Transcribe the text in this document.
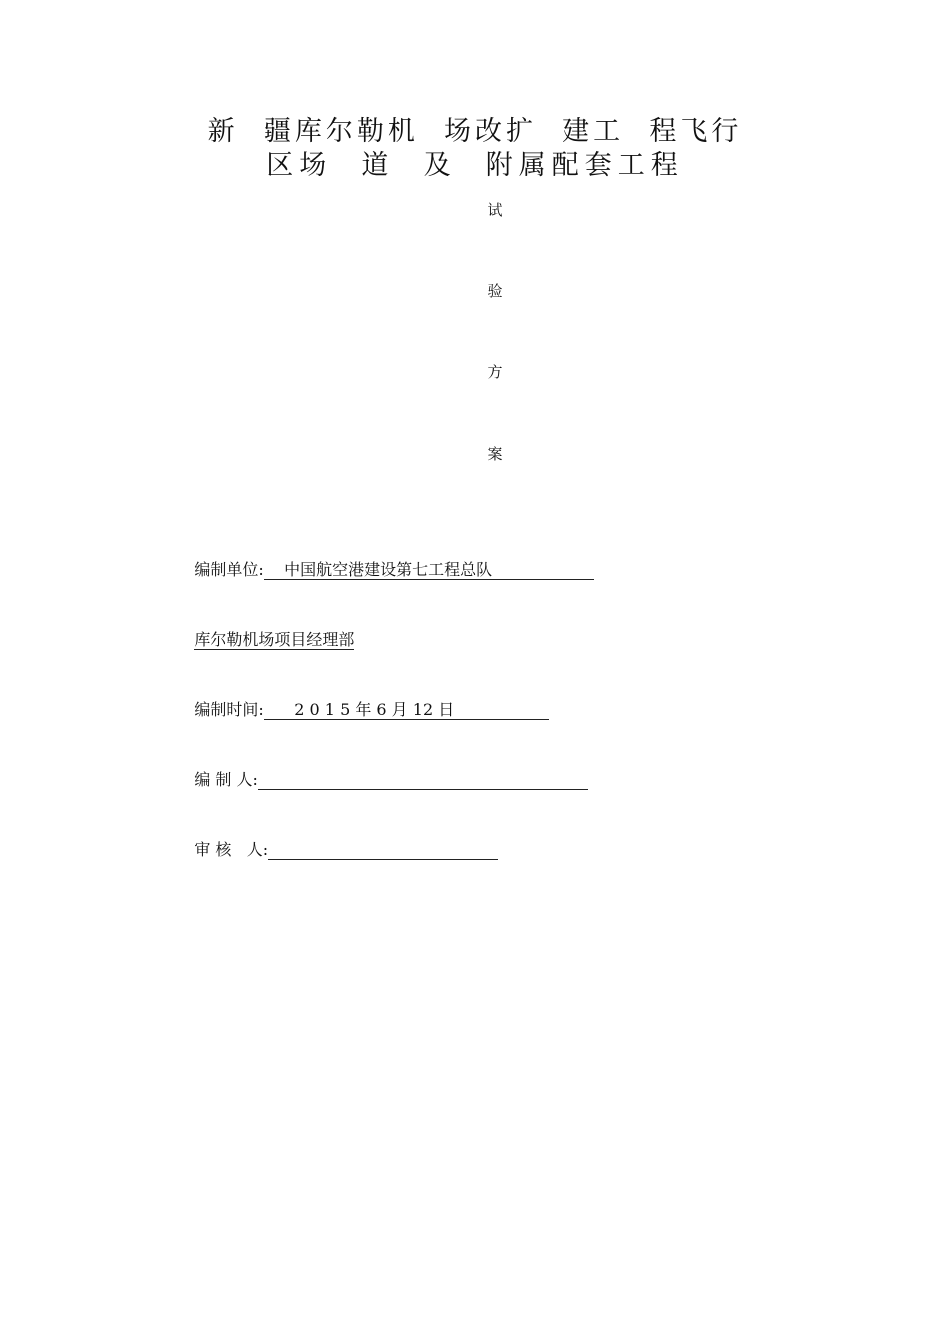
新  疆库尔勒机  场改扩  建工  程飞行
区场  道  及  附属配套工程
试
验
方
案

编制单位:    中国航空港建设第七工程总队

库尔勒机场项目经理部

编制时间:      2 0 1 5 年 6 月 12 日

编 制 人:

审 核   人:
